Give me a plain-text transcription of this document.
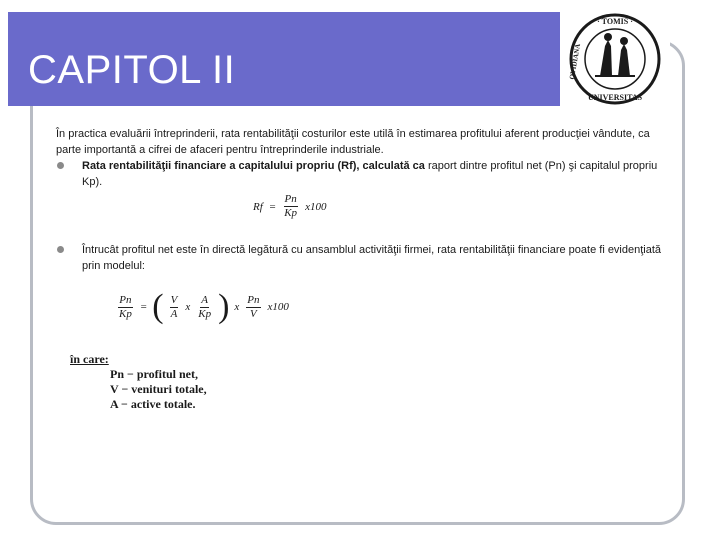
CAPITOL II
· TOMIS ·
UNIVERSITAS
OVIDIANA

În practica evaluării întreprinderii, rata rentabilităţii costurilor este utilă în estimarea profitului aferent producţiei vândute, ca parte importantă a cifrei de afaceri pentru întreprinderile industriale.

Rata rentabilităţii financiare a capitalului propriu (Rf), calculată ca raport dintre profitul net (Pn) şi capitalul propriu Kp).
Întrucât profitul net este în directă legătură cu ansamblul activităţii firmei, rata rentabilităţii financiare poate fi evidenţiată prin modelul:
$Rf = \frac{Pn}{Kp} x100$
$\frac{Pn}{Kp}$ = ( $\frac{V}{A}$ x $\frac{A}{Kp}$ ) x $\frac{Pn}{V} x100$
în care:
Pn − profitul net,
V − venituri totale,
A − active totale.
